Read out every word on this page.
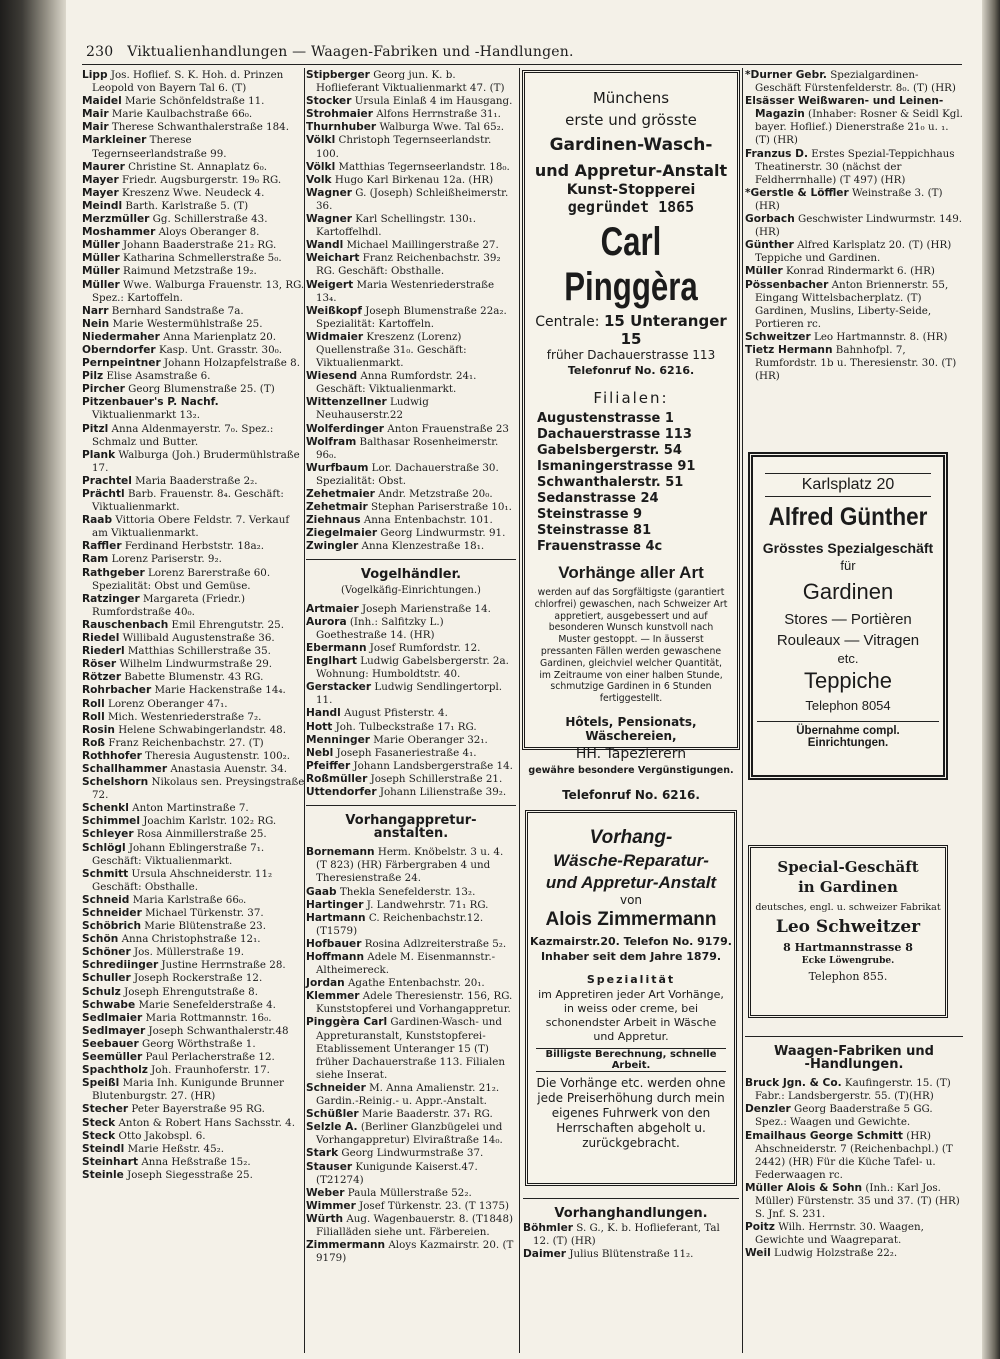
230 Viktualienhandlungen — Waagen-Fabriken und -Handlungen.

Lipp Jos. Hoflief. S. K. Hoh. d. Prinzen Leopold von Bayern Tal 6. (T)

Maidel Marie Schönfeldstraße 11.

Mair Marie Kaulbachstraße 66₀.

Mair Therese Schwanthalerstraße 184.

Markleiner Therese Tegernseerlandstraße 99.

Maurer Christine St. Annaplatz 6₀.

Mayer Friedr. Augsburgerstr. 19₀ RG.

Mayer Kreszenz Wwe. Neudeck 4.

Meindl Barth. Karlstraße 5. (T)

Merzmüller Gg. Schillerstraße 43.

Moshammer Aloys Oberanger 8.

Müller Johann Baaderstraße 21₂ RG.

Müller Katharina Schmellerstraße 5₀.

Müller Raimund Metzstraße 19₂.

Müller Wwe. Walburga Frauenstr. 13, RG. Spez.: Kartoffeln.

Narr Bernhard Sandstraße 7a.

Nein Marie Westermühlstraße 25.

Niedermaher Anna Marienplatz 20.

Oberndorfer Kasp. Unt. Grasstr. 30₀.

Pernpeintner Johann Holzapfelstraße 8.

Pilz Elise Asamstraße 6.

Pircher Georg Blumenstraße 25. (T)

Pitzenbauer's P. Nachf. Viktualienmarkt 13₂.

Pitzl Anna Aldenmayerstr. 7₀. Spez.: Schmalz und Butter.

Plank Walburga (Joh.) Brudermühlstraße 17.

Prachtel Maria Baaderstraße 2₂.

Prächtl Barb. Frauenstr. 8₄. Geschäft: Viktualienmarkt.

Raab Vittoria Obere Feldstr. 7. Verkauf am Viktualienmarkt.

Raffler Ferdinand Herbststr. 18a₂.

Ram Lorenz Pariserstr. 9₂.

Rathgeber Lorenz Barerstraße 60. Spezialität: Obst und Gemüse.

Ratzinger Margareta (Friedr.) Rumfordstraße 40₀.

Rauschenbach Emil Ehrengutstr. 25.

Riedel Willibald Augustenstraße 36.

Riederl Matthias Schillerstraße 35.

Röser Wilhelm Lindwurmstraße 29.

Rötzer Babette Blumenstr. 43 RG.

Rohrbacher Marie Hackenstraße 14₄.

Roll Lorenz Oberanger 47₁.

Roll Mich. Westenriederstraße 7₂.

Rosin Helene Schwabingerlandstr. 48.

Roß Franz Reichenbachstr. 27. (T)

Rothhofer Theresia Augustenstr. 100₂.

Schallhammer Anastasia Auenstr. 34.

Schelshorn Nikolaus sen. Preysingstraße 72.

Schenkl Anton Martinstraße 7.

Schimmel Joachim Karlstr. 102₂ RG.

Schleyer Rosa Ainmillerstraße 25.

Schlögl Johann Eblingerstraße 7₁. Geschäft: Viktualienmarkt.

Schmitt Ursula Ahschneiderstr. 11₂ Geschäft: Obsthalle.

Schneid Maria Karlstraße 66₀.

Schneider Michael Türkenstr. 37.

Schöbrich Marie Blütenstraße 23.

Schön Anna Christophstraße 12₁.

Schöner Jos. Müllerstraße 19.

Schrediinger Justine Herrnstraße 28.

Schuller Joseph Rockerstraße 12.

Schulz Joseph Ehrengutstraße 8.

Schwabe Marie Senefelderstraße 4.

Sedlmaier Maria Rottmannstr. 16₀.

Sedlmayer Joseph Schwanthalerstr.48

Seebauer Georg Wörthstraße 1.

Seemüller Paul Perlacherstraße 12.

Spachtholz Joh. Fraunhoferstr. 17.

Speißl Maria Inh. Kunigunde Brunner Blutenburgstr. 27. (HR)

Stecher Peter Bayerstraße 95 RG.

Steck Anton & Robert Hans Sachsstr. 4.

Steck Otto Jakobspl. 6.

Steindl Marie Heßstr. 45₂.

Steinhart Anna Heßstraße 15₂.

Steinle Joseph Siegesstraße 25.

Stipberger Georg jun. K. b. Hoflieferant Viktualienmarkt 47. (T)

Stocker Ursula Einlaß 4 im Hausgang.

Strohmaier Alfons Herrnstraße 31₁.

Thurnhuber Walburga Wwe. Tal 65₂.

Völkl Christoph Tegernseerlandstr. 100.

Völkl Matthias Tegernseerlandstr. 18₀.

Volk Hugo Karl Birkenau 12a. (HR)

Wagner G. (Joseph) Schleißheimerstr. 36.

Wagner Karl Schellingstr. 130₁. Kartoffelhdl.

Wandl Michael Maillingerstraße 27.

Weichart Franz Reichenbachstr. 39₂ RG. Geschäft: Obsthalle.

Weigert Maria Westenriederstraße 13₄.

Weißkopf Joseph Blumenstraße 22a₂. Spezialität: Kartoffeln.

Widmaier Kreszenz (Lorenz) Quellenstraße 31₀. Geschäft: Viktualienmarkt.

Wiesend Anna Rumfordstr. 24₁. Geschäft: Viktualienmarkt.

Wittenzellner Ludwig Neuhauserstr.22

Wolferdinger Anton Frauenstraße 23

Wolfram Balthasar Rosenheimerstr. 96₀.

Wurfbaum Lor. Dachauerstraße 30. Spezialität: Obst.

Zehetmaier Andr. Metzstraße 20₀.

Zehetmair Stephan Pariserstraße 10₁.

Ziehnaus Anna Entenbachstr. 101.

Ziegelmaier Georg Lindwurmstr. 91.

Zwingler Anna Klenzestraße 18₁.

Vogelhändler.
(Vogelkäfig-Einrichtungen.)

Artmaier Joseph Marienstraße 14.

Aurora (Inh.: Salfitzky L.) Goethestraße 14. (HR)

Ebermann Josef Rumfordstr. 12.

Englhart Ludwig Gabelsbergerstr. 2a. Wohnung: Humboldtstr. 40.

Gerstacker Ludwig Sendlingertorpl. 11.

Handl August Pfisterstr. 4.

Hott Joh. Tulbeckstraße 17₁ RG.

Menninger Marie Oberanger 32₁.

Nebl Joseph Fasaneriestraße 4₁.

Pfeiffer Johann Landsbergerstraße 14.

Roßmüller Joseph Schillerstraße 21.

Uttendorfer Johann Lilienstraße 39₂.

Vorhangappretur-
anstalten.

Bornemann Herm. Knöbelstr. 3 u. 4. (T 823) (HR) Färbergraben 4 und Theresienstraße 24.

Gaab Thekla Senefelderstr. 13₂.

Hartinger J. Landwehrstr. 71₁ RG.

Hartmann C. Reichenbachstr.12. (T1579)

Hofbauer Rosina Adlzreiterstraße 5₂.

Hoffmann Adele M. Eisenmannstr.- Altheimereck.

Jordan Agathe Entenbachstr. 20₁.

Klemmer Adele Theresienstr. 156, RG. Kunststopferei und Vorhangappretur.

Pinggèra Carl Gardinen-Wasch- und Appreturanstalt, Kunststopferei-Etablissement Unteranger 15 (T) früher Dachauerstraße 113. Filialen siehe Inserat.

Schneider M. Anna Amalienstr. 21₂. Gardin.-Reinig.- u. Appr.-Anstalt.

Schüßler Marie Baaderstr. 37₁ RG.

Selzle A. (Berliner Glanzbügelei und Vorhangappretur) Elviraßtraße 14₀.

Stark Georg Lindwurmstraße 37.

Stauser Kunigunde Kaiserst.47.(T21274)

Weber Paula Müllerstraße 52₂.

Wimmer Josef Türkenstr. 23. (T 1375)

Würth Aug. Wagenbauerstr. 8. (T1848) Filialläden siehe unt. Färbereien.

Zimmermann Aloys Kazmairstr. 20. (T 9179)

Vorhanghandlungen.

Böhmler S. G., K. b. Hoflieferant, Tal 12. (T) (HR)

Daimer Julius Blütenstraße 11₂.

*Durner Gebr. Spezialgardinen-Geschäft Fürstenfelderstr. 8₀. (T) (HR)

Elsässer Weißwaren- und Leinen-Magazin (Inhaber: Rosner & Seidl Kgl. bayer. Hoflief.) Dienerstraße 21₀ u. ₁. (T) (HR)

Franzus D. Erstes Spezial-Teppichhaus Theatinerstr. 30 (nächst der Feldherrnhalle) (T 497) (HR)

*Gerstle & Löffler Weinstraße 3. (T) (HR)

Gorbach Geschwister Lindwurmstr. 149. (HR)

Günther Alfred Karlsplatz 20. (T) (HR) Teppiche und Gardinen.

Müller Konrad Rindermarkt 6. (HR)

Pössenbacher Anton Briennerstr. 55, Eingang Wittelsbacherplatz. (T) Gardinen, Muslins, Liberty-Seide, Portieren rc.

Schweitzer Leo Hartmannstr. 8. (HR)

Tietz Hermann Bahnhofpl. 7, Rumfordstr. 1b u. Theresienstr. 30. (T) (HR)

Waagen-Fabriken und
-Handlungen.

Bruck Jgn. & Co. Kaufingerstr. 15. (T) Fabr.: Landsbergerstr. 55. (T)(HR)

Denzler Georg Baaderstraße 5 GG. Spez.: Waagen und Gewichte.

Emailhaus George Schmitt (HR) Ahschneiderstr. 7 (Reichenbachpl.) (T 2442) (HR) Für die Küche Tafel- u. Federwaagen rc.

Müller Alois & Sohn (Inh.: Karl Jos. Müller) Fürstenstr. 35 und 37. (T) (HR) S. Jnf. S. 231.

Poitz Wilh. Herrnstr. 30. Waagen, Gewichte und Waagreparat.

Weil Ludwig Holzstraße 22₂.

Münchens
erste und grösste
Gardinen-Wasch-
und Appretur-Anstalt
Kunst-Stopperei
gegründet 1865
Carl Pinggèra
Centrale: 15 Unteranger 15
früher Dachauerstrasse 113
Telefonruf No. 6216.
Filialen:
Augustenstrasse 1
Dachauerstrasse 113
Gabelsbergerstr. 54
Ismaningerstrasse 91
Schwanthalerstr. 51
Sedanstrasse 24
Steinstrasse 9
Steinstrasse 81
Frauenstrasse 4c
Vorhänge aller Art
werden auf das Sorgfältigste (garantiert chlorfrei) gewaschen, nach Schweizer Art appretiert, ausgebessert und auf besonderen Wunsch kunstvoll nach Muster gestoppt. — In äusserst pressanten Fällen werden gewaschene Gardinen, gleichviel welcher Quantität, im Zeitraume von einer halben Stunde, schmutzige Gardinen in 6 Stunden fertiggestellt.
Hôtels, Pensionats, Wäschereien,
HH. Tapezierern
gewähre besondere Vergünstigungen.
Telefonruf No. 6216.
Vorhang-
Wäsche-Reparatur-
und Appretur-Anstalt
von
Alois Zimmermann
Kazmairstr.20. Telefon No. 9179.
Inhaber seit dem Jahre 1879.
Spezialität
im Appretiren jeder Art Vorhänge, in weiss oder creme, bei schonendster Arbeit in Wäsche und Appretur.
Billigste Berechnung, schnelle Arbeit.
Die Vorhänge etc. werden ohne jede Preiserhöhung durch mein eigenes Fuhrwerk von den Herrschaften abgeholt u. zurückgebracht.
Karlsplatz 20
Alfred Günther
Grösstes Spezialgeschäft
für
Gardinen
Stores — Portièren
Rouleaux — Vitragen
etc.
Teppiche
Telephon 8054
Übernahme compl. Einrichtungen.
Special-Geschäft
in Gardinen
deutsches, engl. u. schweizer Fabrikat
Leo Schweitzer
8 Hartmannstrasse 8
Ecke Löwengrube.
Telephon 855.
